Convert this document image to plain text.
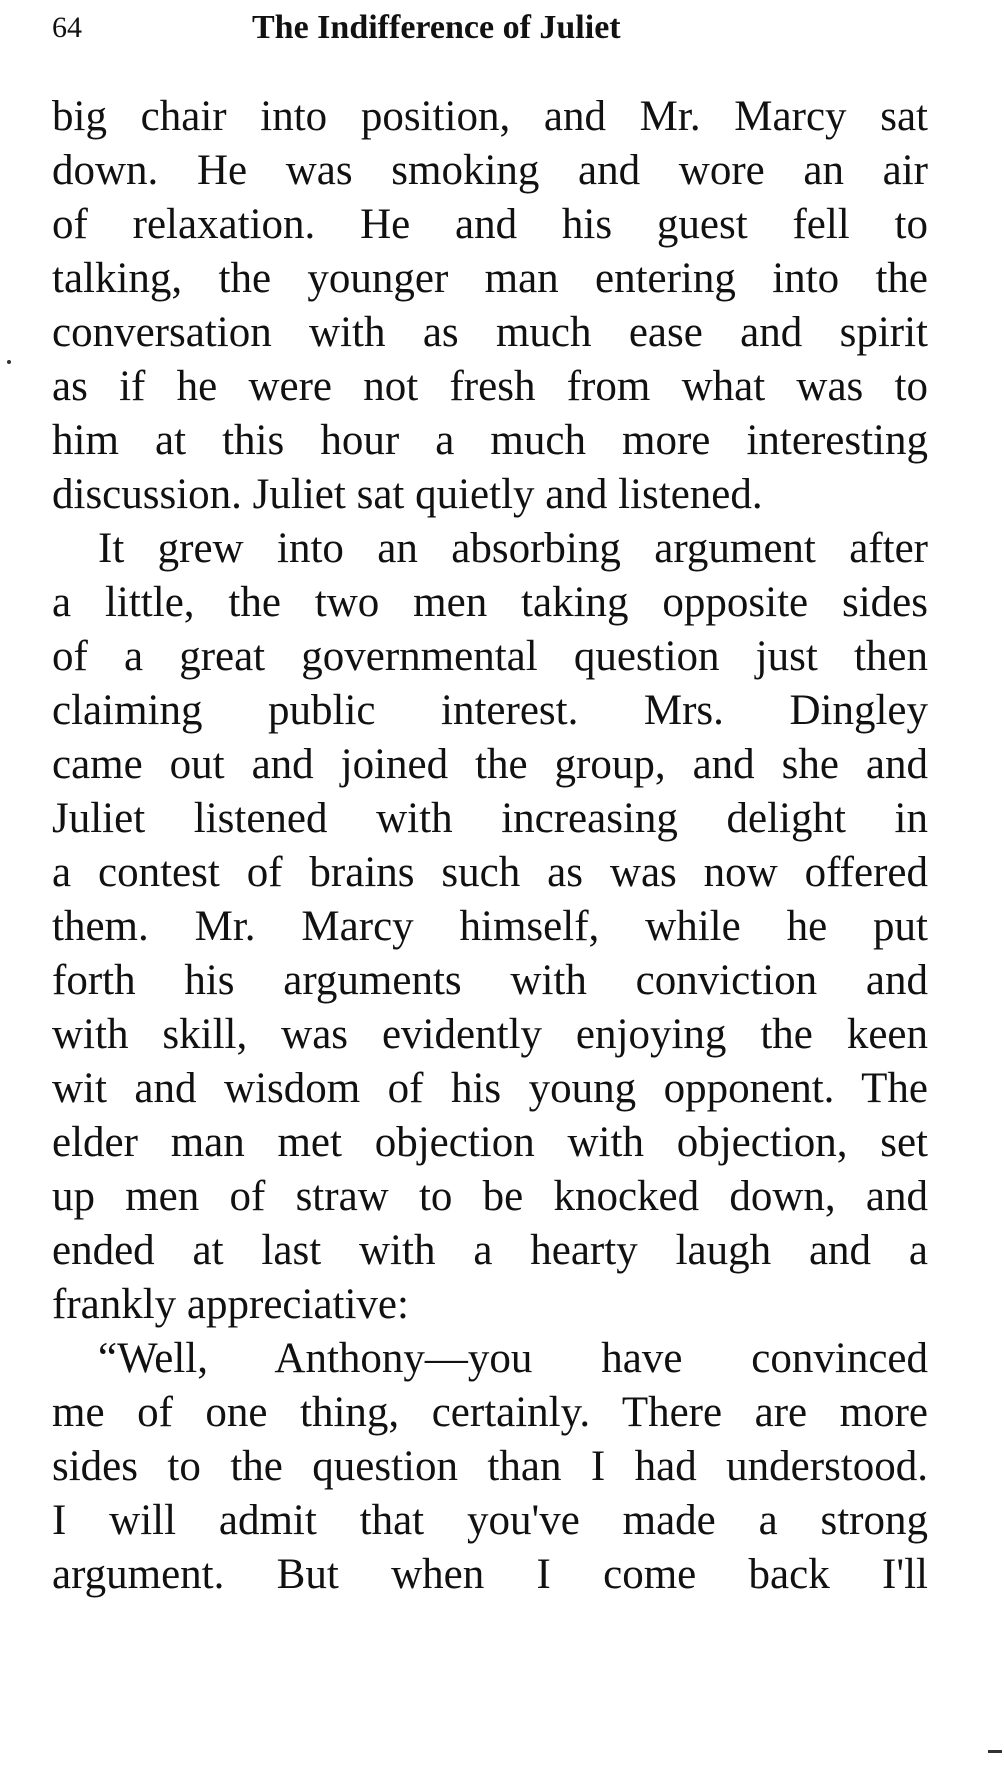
64	The Indifference of Juliet
big chair into position, and Mr. Marcy sat
down. He was smoking and wore an air
of relaxation. He and his guest fell to
talking, the younger man entering into the
conversation with as much ease and spirit
as if he were not fresh from what was to
him at this hour a much more interesting
discussion. Juliet sat quietly and listened.
It grew into an absorbing argument after
a little, the two men taking opposite sides
of a great governmental question just then
claiming public interest. Mrs. Dingley
came out and joined the group, and she and
Juliet listened with increasing delight in
a contest of brains such as was now offered
them. Mr. Marcy himself, while he put
forth his arguments with conviction and
with skill, was evidently enjoying the keen
wit and wisdom of his young opponent. The
elder man met objection with objection, set
up men of straw to be knocked down, and
ended at last with a hearty laugh and a
frankly appreciative:
“Well, Anthony—you have convinced
me of one thing, certainly. There are more
sides to the question than I had understood.
I will admit that you've made a strong
argument. But when I come back I'll
